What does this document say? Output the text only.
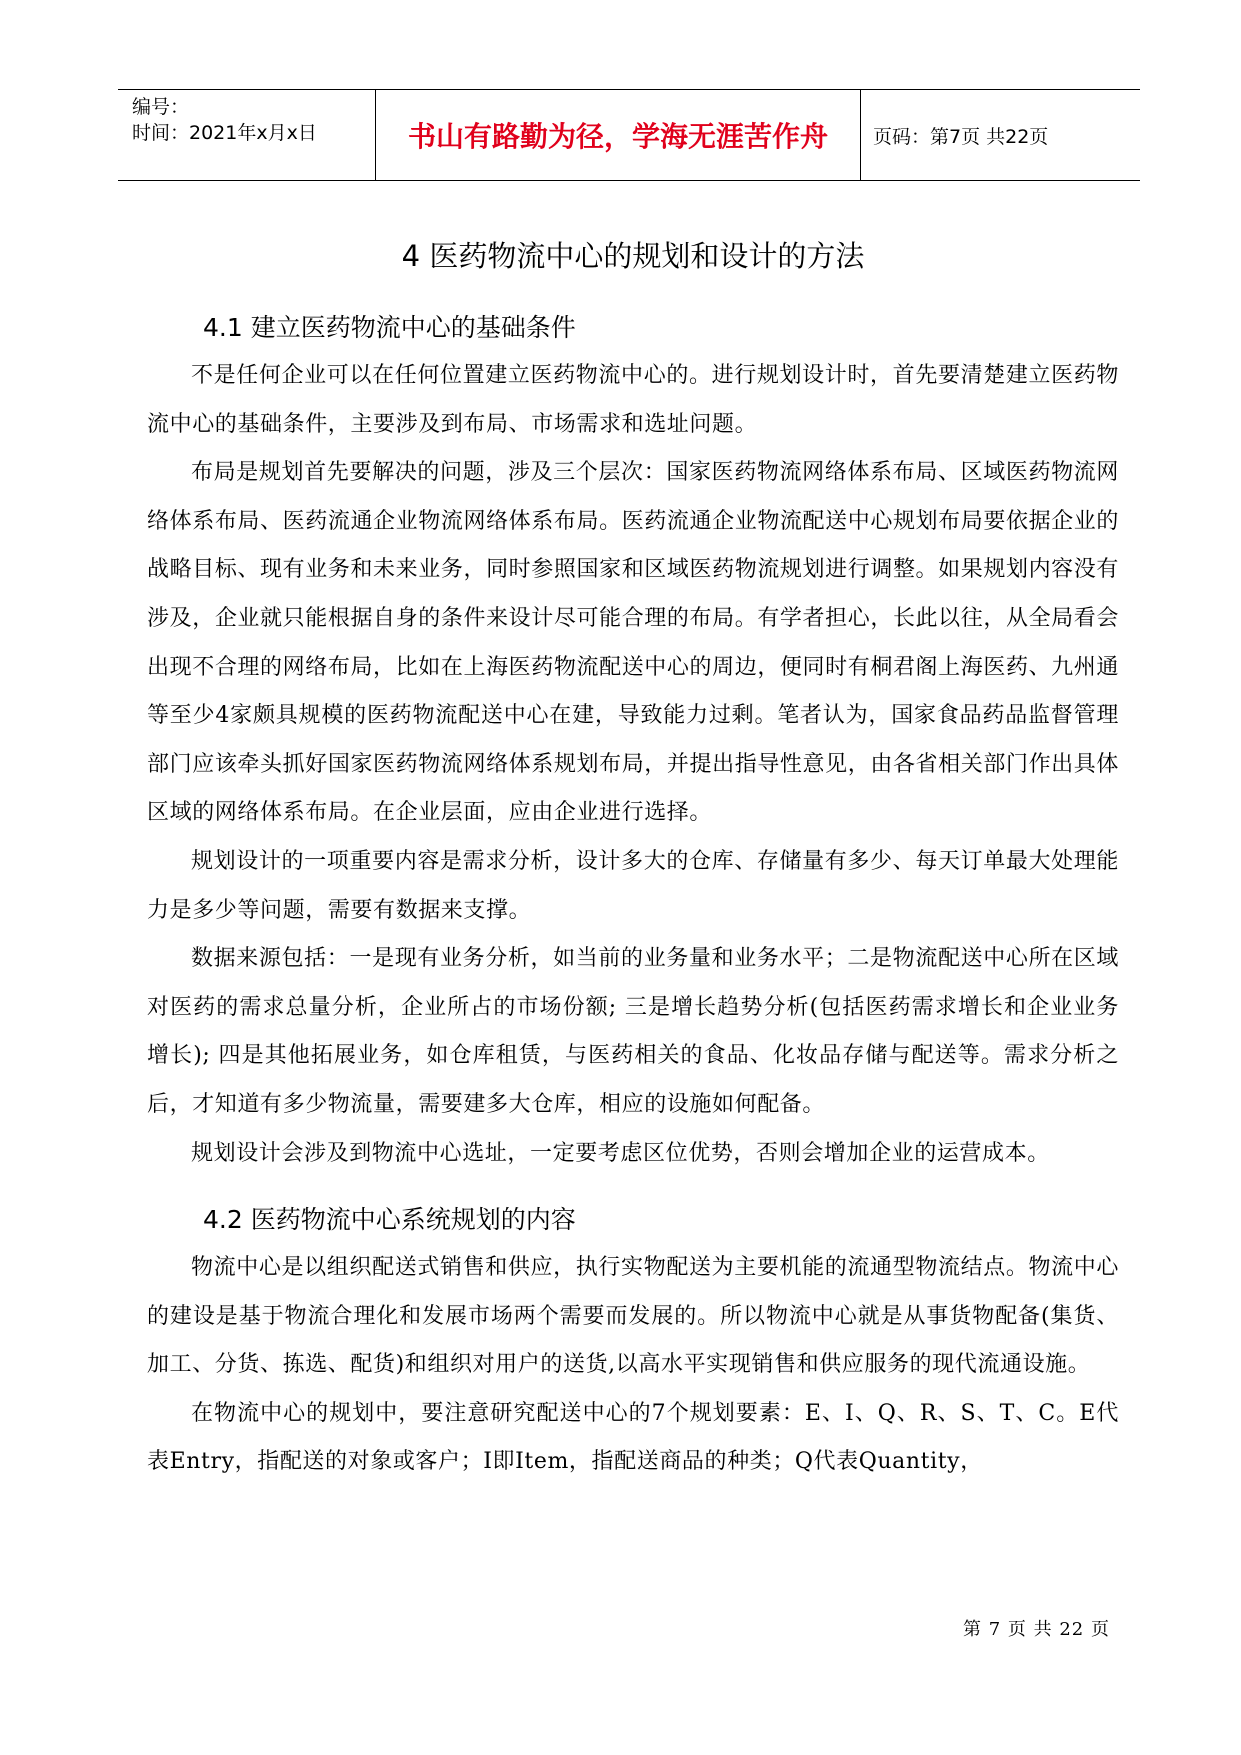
编号：
时间：2021年x月x日	书山有路勤为径，学海无涯苦作舟	页码：第7页 共22页
4 医药物流中心的规划和设计的方法
4.1 建立医药物流中心的基础条件

不是任何企业可以在任何位置建立医药物流中心的。进行规划设计时，首先要清楚建立医药物流中心的基础条件，主要涉及到布局、市场需求和选址问题。

布局是规划首先要解决的问题，涉及三个层次：国家医药物流网络体系布局、区域医药物流网络体系布局、医药流通企业物流网络体系布局。医药流通企业物流配送中心规划布局要依据企业的战略目标、现有业务和未来业务，同时参照国家和区域医药物流规划进行调整。如果规划内容没有涉及，企业就只能根据自身的条件来设计尽可能合理的布局。有学者担心，长此以往，从全局看会出现不合理的网络布局，比如在上海医药物流配送中心的周边，便同时有桐君阁上海医药、九州通等至少4家颇具规模的医药物流配送中心在建，导致能力过剩。笔者认为，国家食品药品监督管理部门应该牵头抓好国家医药物流网络体系规划布局，并提出指导性意见，由各省相关部门作出具体区域的网络体系布局。在企业层面，应由企业进行选择。

规划设计的一项重要内容是需求分析，设计多大的仓库、存储量有多少、每天订单最大处理能力是多少等问题，需要有数据来支撑。

数据来源包括：一是现有业务分析，如当前的业务量和业务水平；二是物流配送中心所在区域对医药的需求总量分析，企业所占的市场份额; 三是增长趋势分析(包括医药需求增长和企业业务增长); 四是其他拓展业务，如仓库租赁，与医药相关的食品、化妆品存储与配送等。需求分析之后，才知道有多少物流量，需要建多大仓库，相应的设施如何配备。

规划设计会涉及到物流中心选址，一定要考虑区位优势，否则会增加企业的运营成本。

4.2 医药物流中心系统规划的内容

物流中心是以组织配送式销售和供应，执行实物配送为主要机能的流通型物流结点。物流中心的建设是基于物流合理化和发展市场两个需要而发展的。所以物流中心就是从事货物配备(集货、加工、分货、拣选、配货)和组织对用户的送货,以高水平实现销售和供应服务的现代流通设施。

在物流中心的规划中，要注意研究配送中心的7个规划要素：E、I、Q、R、S、T、C。E代表Entry，指配送的对象或客户；I即Item，指配送商品的种类；Q代表Quantity，

第 7 页 共 22 页
